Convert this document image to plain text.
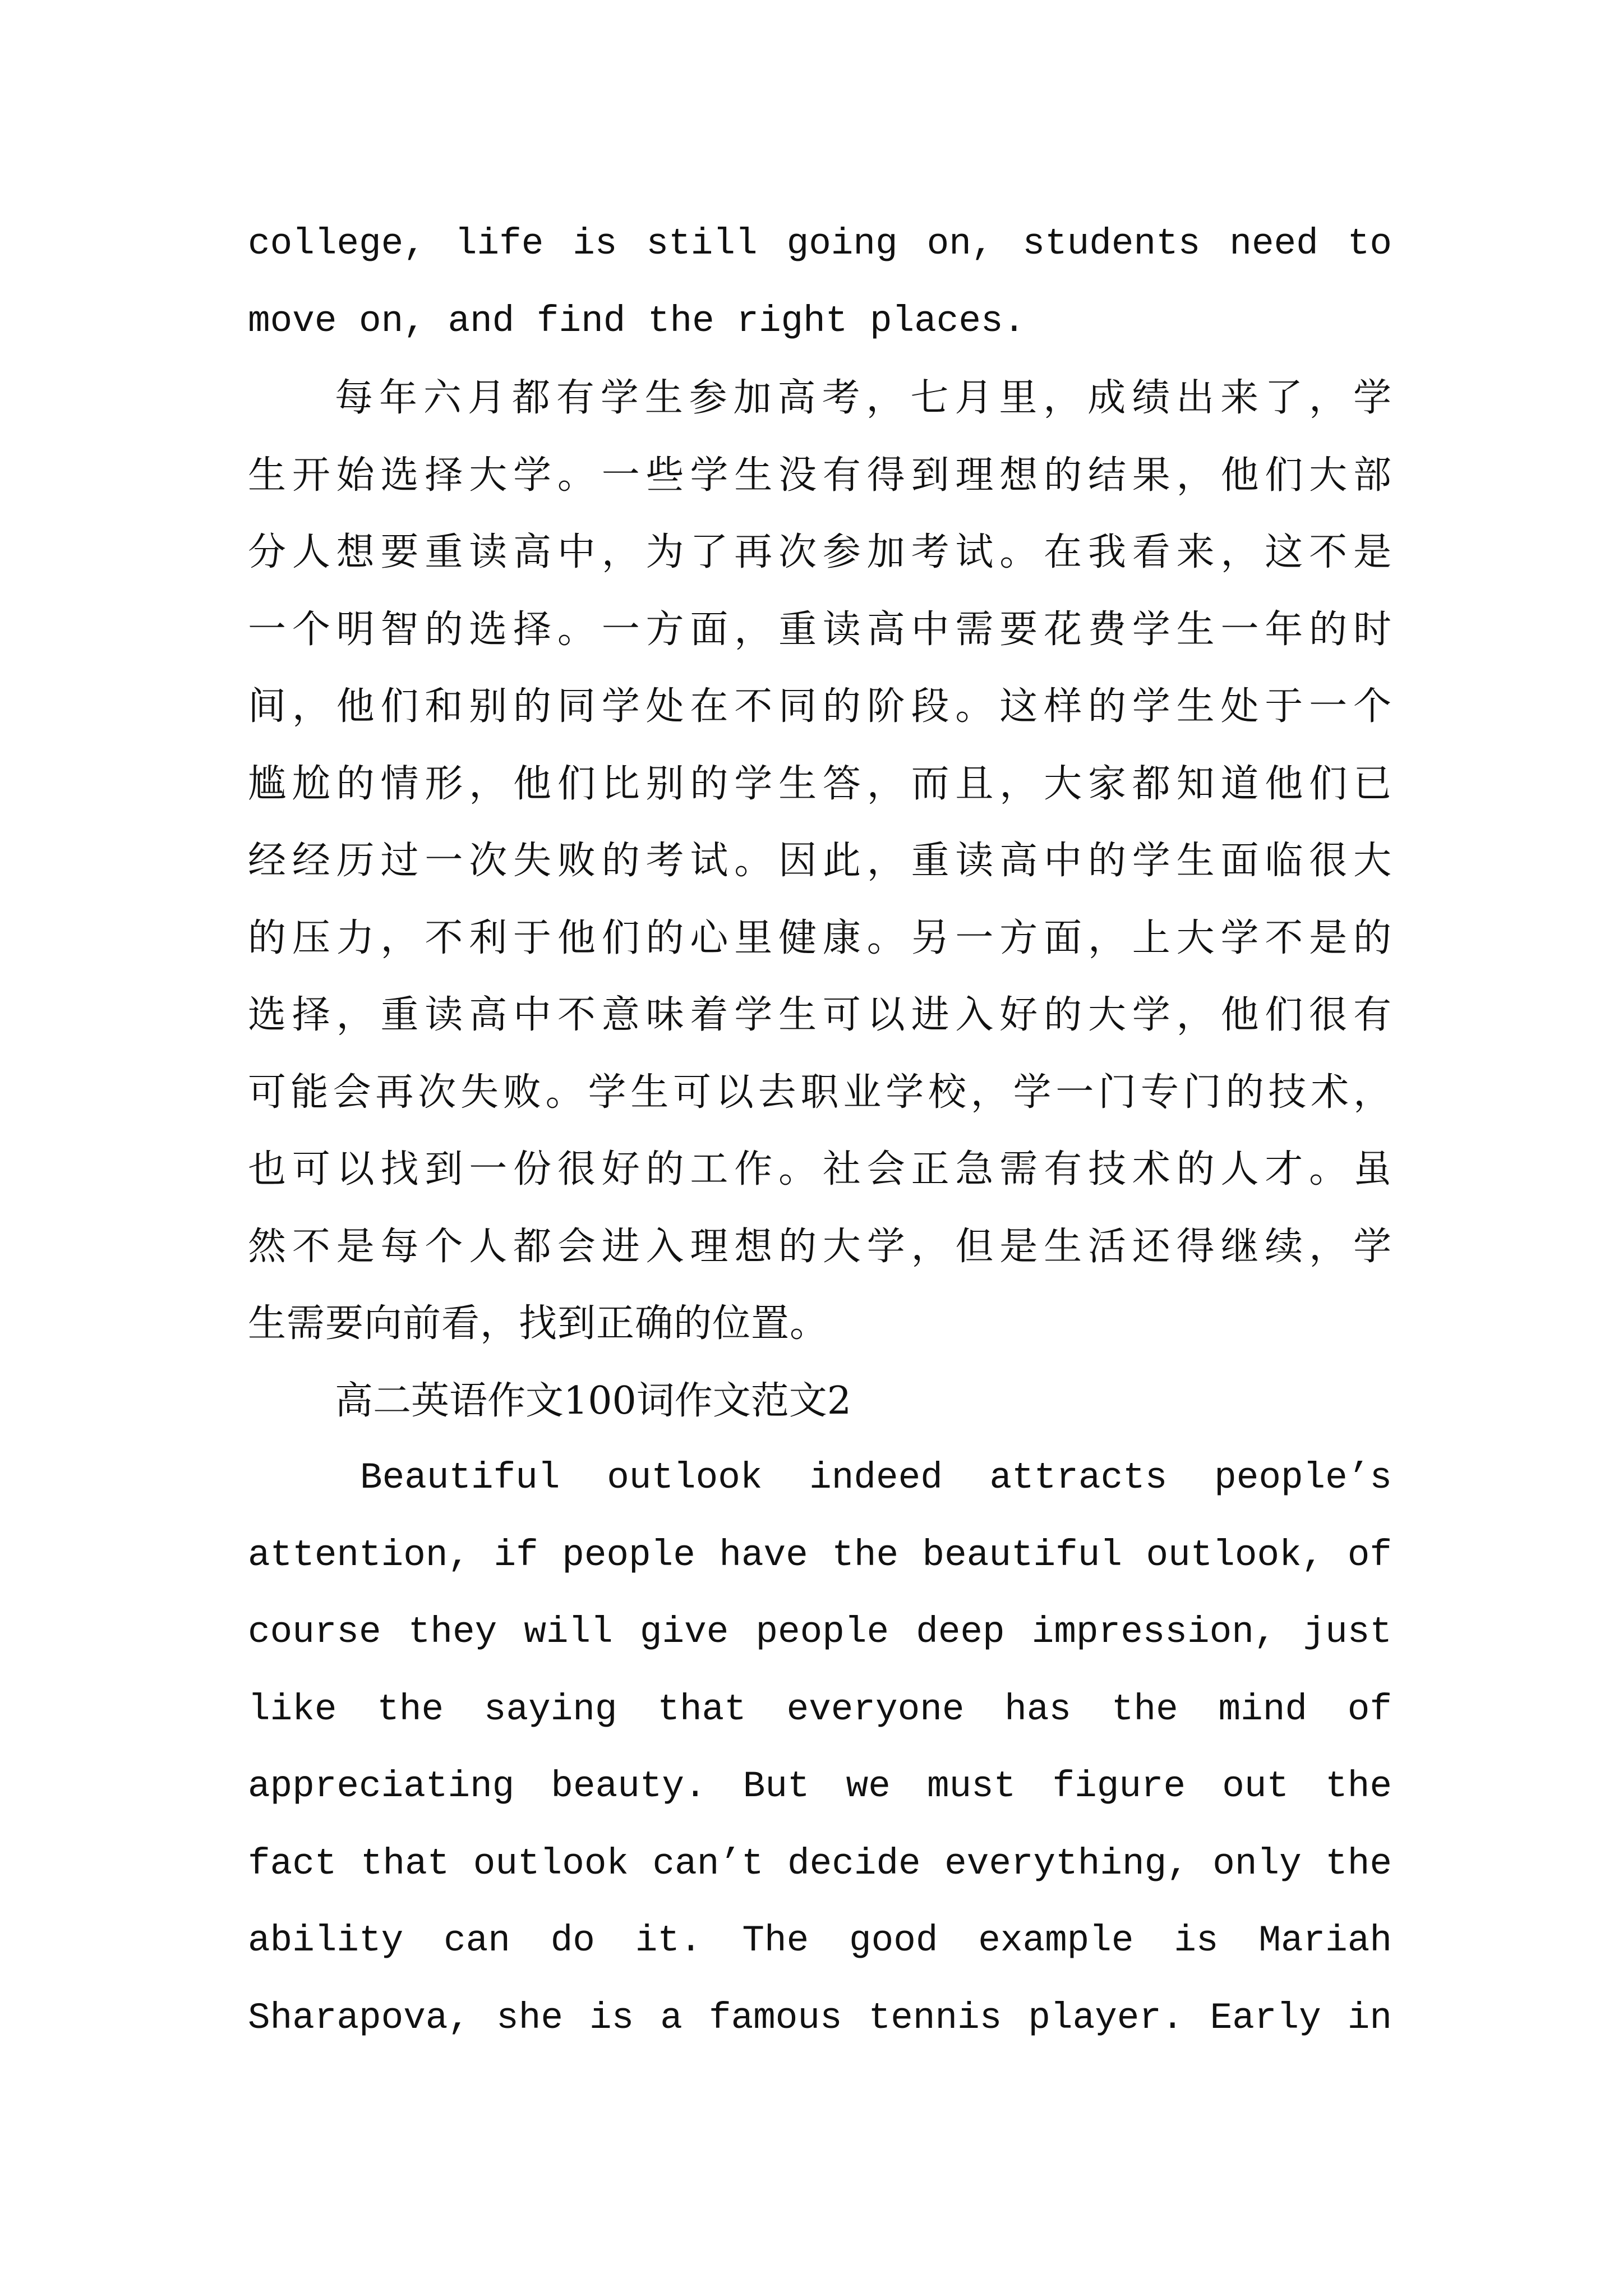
college, life is still going on, students need to
move on, and find the right places.
每年六月都有学生参加高考，七月里，成绩出来了，学
生开始选择大学。一些学生没有得到理想的结果，他们大部
分人想要重读高中，为了再次参加考试。在我看来，这不是
一个明智的选择。一方面，重读高中需要花费学生一年的时
间，他们和别的同学处在不同的阶段。这样的学生处于一个
尴尬的情形，他们比别的学生答，而且，大家都知道他们已
经经历过一次失败的考试。因此，重读高中的学生面临很大
的压力，不利于他们的心里健康。另一方面，上大学不是的
选择，重读高中不意味着学生可以进入好的大学，他们很有
可能会再次失败。学生可以去职业学校，学一门专门的技术，
也可以找到一份很好的工作。社会正急需有技术的人才。虽
然不是每个人都会进入理想的大学，但是生活还得继续，学
生需要向前看，找到正确的位置。
高二英语作文100词作文范文2
Beautiful outlook indeed attracts people’s
attention, if people have the beautiful outlook, of
course they will give people deep impression, just
like the saying that everyone has the mind of
appreciating beauty. But we must figure out the
fact that outlook can’t decide everything, only the
ability can do it. The good example is Mariah
Sharapova, she is a famous tennis player. Early in
